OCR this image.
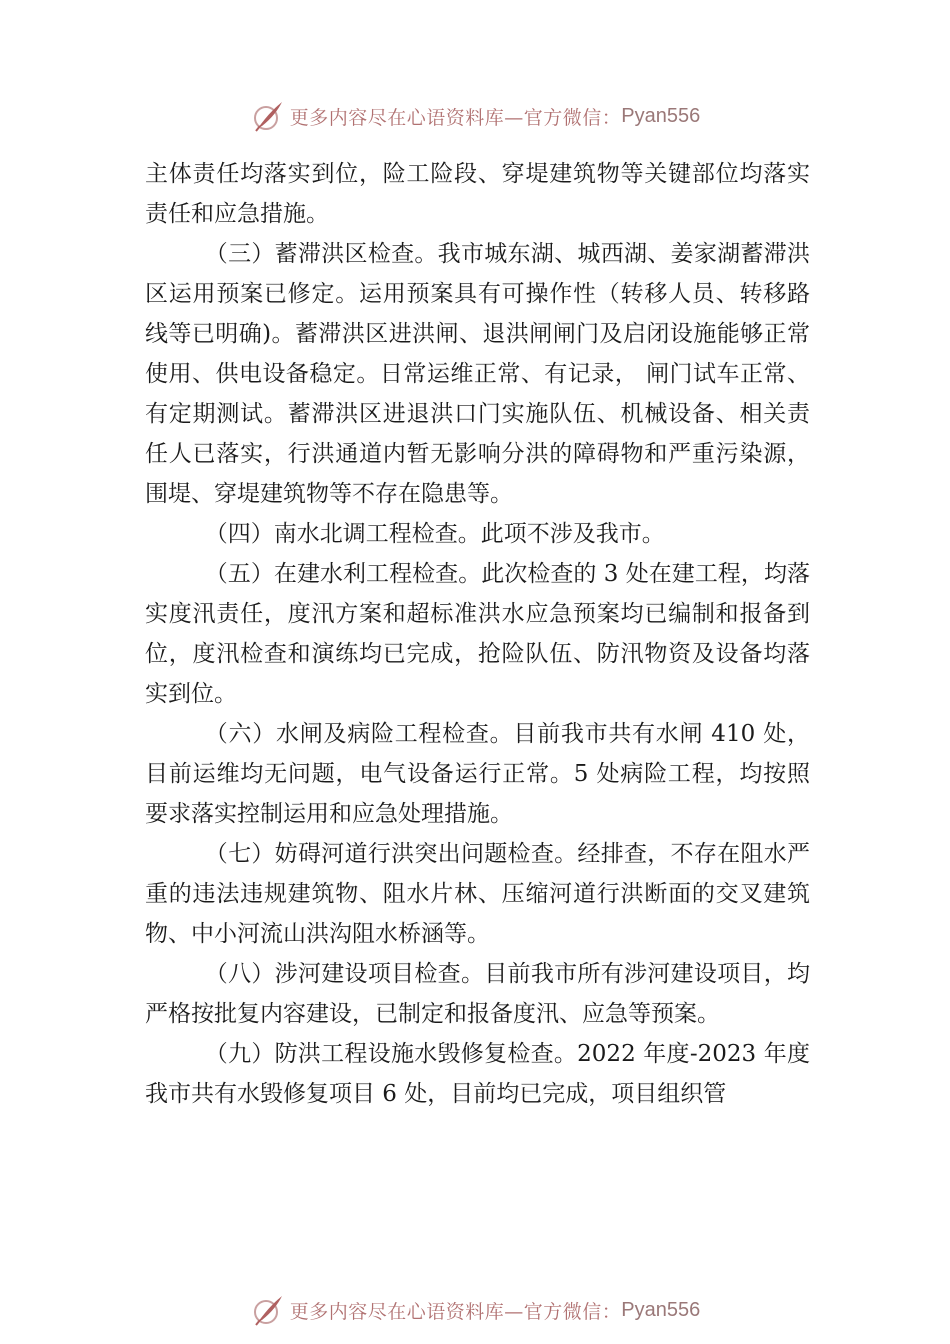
更多内容尽在心语资料库—官方微信： Pyan556

主体责任均落实到位，险工险段、穿堤建筑物等关键部位均落实责任和应急措施。

（三）蓄滞洪区检查。我市城东湖、城西湖、姜家湖蓄滞洪区运用预案已修定。运用预案具有可操作性（转移人员、转移路线等已明确)。蓄滞洪区进洪闸、退洪闸闸门及启闭设施能够正常使用、供电设备稳定。日常运维正常、有记录， 闸门试车正常、有定期测试。蓄滞洪区进退洪口门实施队伍、机械设备、相关责任人已落实，行洪通道内暂无影响分洪的障碍物和严重污染源，围堤、穿堤建筑物等不存在隐患等。

（四）南水北调工程检查。此项不涉及我市。

（五）在建水利工程检查。此次检查的 3 处在建工程，均落实度汛责任，度汛方案和超标准洪水应急预案均已编制和报备到位，度汛检查和演练均已完成，抢险队伍、防汛物资及设备均落实到位。

（六）水闸及病险工程检查。目前我市共有水闸 410 处，目前运维均无问题，电气设备运行正常。5 处病险工程，均按照要求落实控制运用和应急处理措施。

（七）妨碍河道行洪突出问题检查。经排查，不存在阻水严重的违法违规建筑物、阻水片林、压缩河道行洪断面的交叉建筑物、中小河流山洪沟阻水桥涵等。

（八）涉河建设项目检查。目前我市所有涉河建设项目，均严格按批复内容建设，已制定和报备度汛、应急等预案。

（九）防洪工程设施水毁修复检查。2022 年度-2023 年度我市共有水毁修复项目 6 处，目前均已完成，项目组织管

更多内容尽在心语资料库—官方微信： Pyan556
